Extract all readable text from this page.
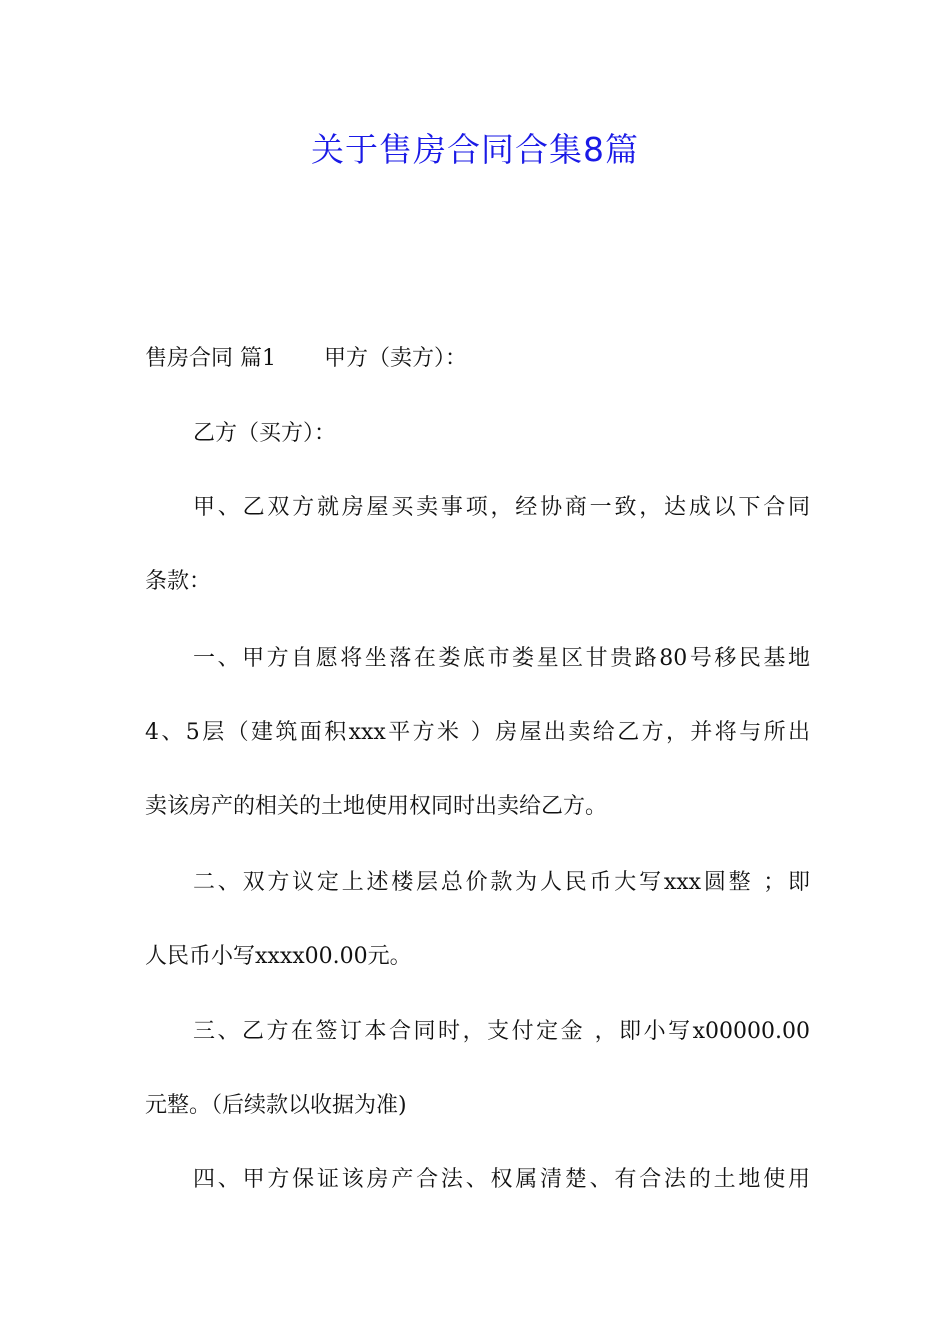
关于售房合同合集8篇
售房合同 篇1 甲方（卖方）：
乙方（买方）：
甲、乙双方就房屋买卖事项，经协商一致，达成以下合同
条款：
一、甲方自愿将坐落在娄底市娄星区甘贵路80号移民基地
4、5层（建筑面积xxx平方米 ）房屋出卖给乙方，并将与所出
卖该房产的相关的土地使用权同时出卖给乙方。
二、双方议定上述楼层总价款为人民币大写xxx圆整 ；即
人民币小写xxxx00.00元。
三、乙方在签订本合同时，支付定金 ，即小写x00000.00
元整。（后续款以收据为准)
四、甲方保证该房产合法、权属清楚、有合法的土地使用
